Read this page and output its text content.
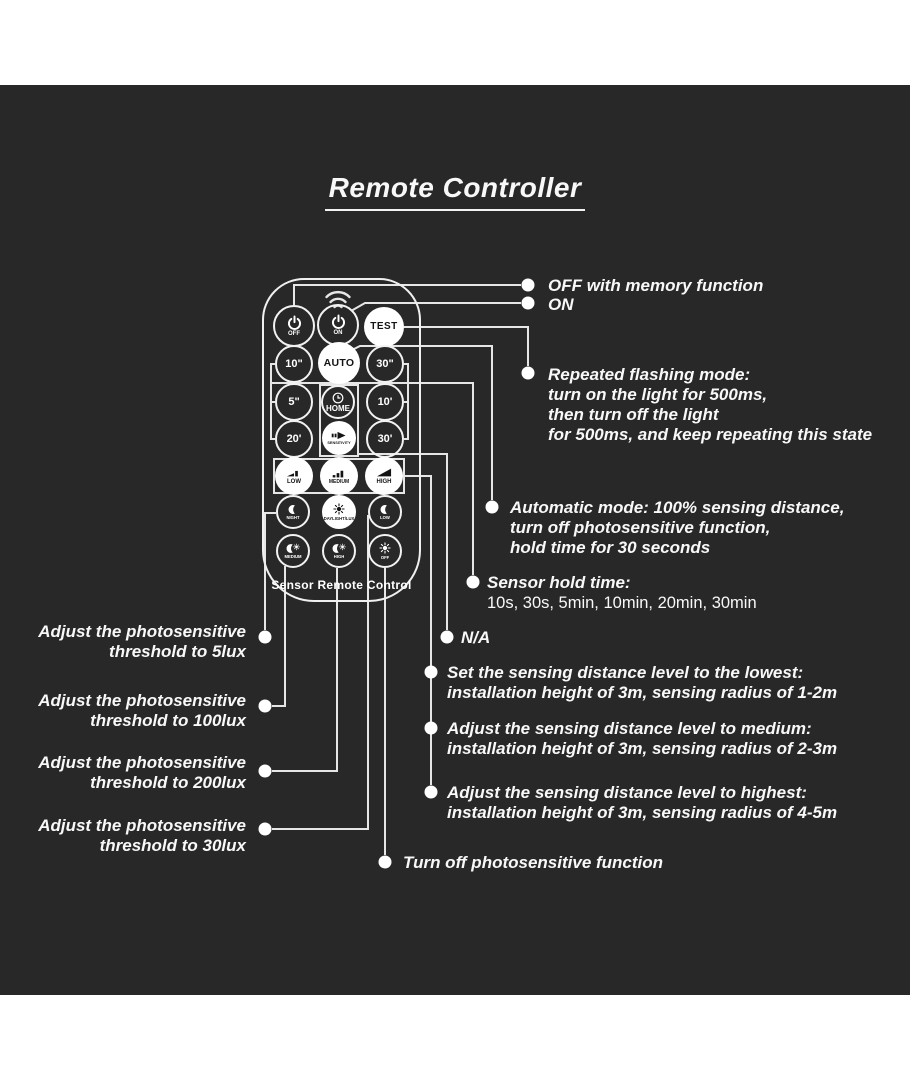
Remote Controller
OFF	ON
TEST
10" AUTO 30"
5"
HOME
10'
20'	SENSITIVITY 30'
LOW	MEDIUM	HIGH
NIGHT	DAYLIGHT/LUX	LOW
MEDIUM	HIGH	OFF
Sensor Remote Control
OFF with memory function
ON
Repeated flashing mode:
turn on the light for 500ms,
then turn off the light
for 500ms, and keep repeating this state
Automatic mode: 100% sensing distance,
turn off photosensitive function,
hold time for 30 seconds
Sensor hold time:
10s, 30s, 5min, 10min, 20min, 30min
N/A
Set the sensing distance level to the lowest:
installation height of 3m, sensing radius of 1-2m
Adjust the sensing distance level to medium:
installation height of 3m, sensing radius of 2-3m
Adjust the sensing distance level to highest:
installation height of 3m, sensing radius of 4-5m
Turn off photosensitive function
Adjust the photosensitive
threshold to 5lux
Adjust the photosensitive
threshold to 100lux
Adjust the photosensitive
threshold to 200lux
Adjust the photosensitive
threshold to 30lux
